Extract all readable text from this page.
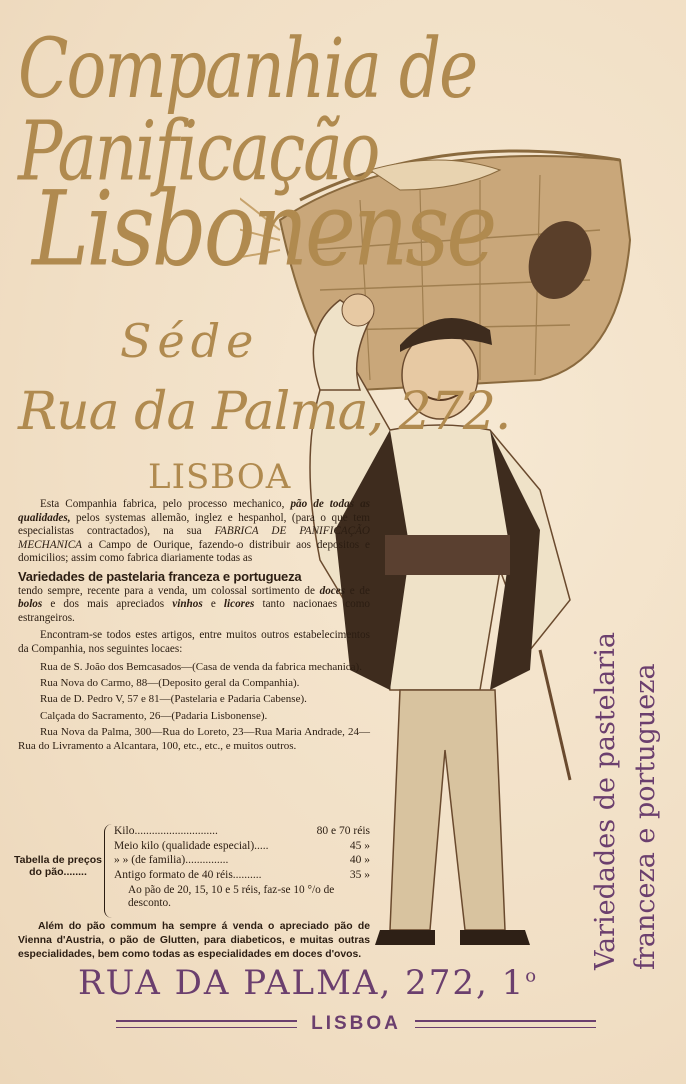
Companhia de Panificação
Lisbonense
Séde
Rua da Palma, 272.
LISBOA

Esta Companhia fabrica, pelo processo mechanico, pão de todas as qualidades, pelos systemas allemão, inglez e hespanhol, (para o que tem especialistas contractados), na sua FABRICA DE PANIFICAÇÃO MECHANICA a Campo de Ourique, fazendo-o distribuir aos depositos e domicilios; assim como fabrica diariamente todas as

Variedades de pastelaria franceza e portugueza

tendo sempre, recente para a venda, um colossal sortimento de doces e de bolos e dos mais apreciados vinhos e licores tanto nacionaes como estrangeiros.

Encontram-se todos estes artigos, entre muitos outros estabelecimentos da Companhia, nos seguintes locaes:

Rua de S. João dos Bemcasados—(Casa de venda da fabrica mechanica).
Rua Nova do Carmo, 88—(Deposito geral da Companhia).
Rua de D. Pedro V, 57 e 81—(Pastelaria e Padaria Cabense).
Calçada do Sacramento, 26—(Padaria Lisbonense).
Rua Nova da Palma, 300—Rua do Loreto, 23—Rua Maria Andrade, 24—Rua do Livramento a Alcantara, 100, etc., etc., e muitos outros.
Tabella de preços
do pão........
Kilo.............................	80 e 70 réis
Meio kilo (qualidade especial).....	45 »
» » (de familia)...............	40 »
Antigo formato de 40 réis..........	35 »
Ao pão de 20, 15, 10 e 5 réis, faz-se 10 °/o de desconto.
Além do pão commum ha sempre á venda o apreciado pão de Vienna d'Austria, o pão de Glutten, para diabeticos, e muitas outras especialidades, bem como todas as especialidades em doces d'ovos.	Variedades de pastelaria franceza e portugueza
RUA DA PALMA, 272, 1$^o$
LISBOA
